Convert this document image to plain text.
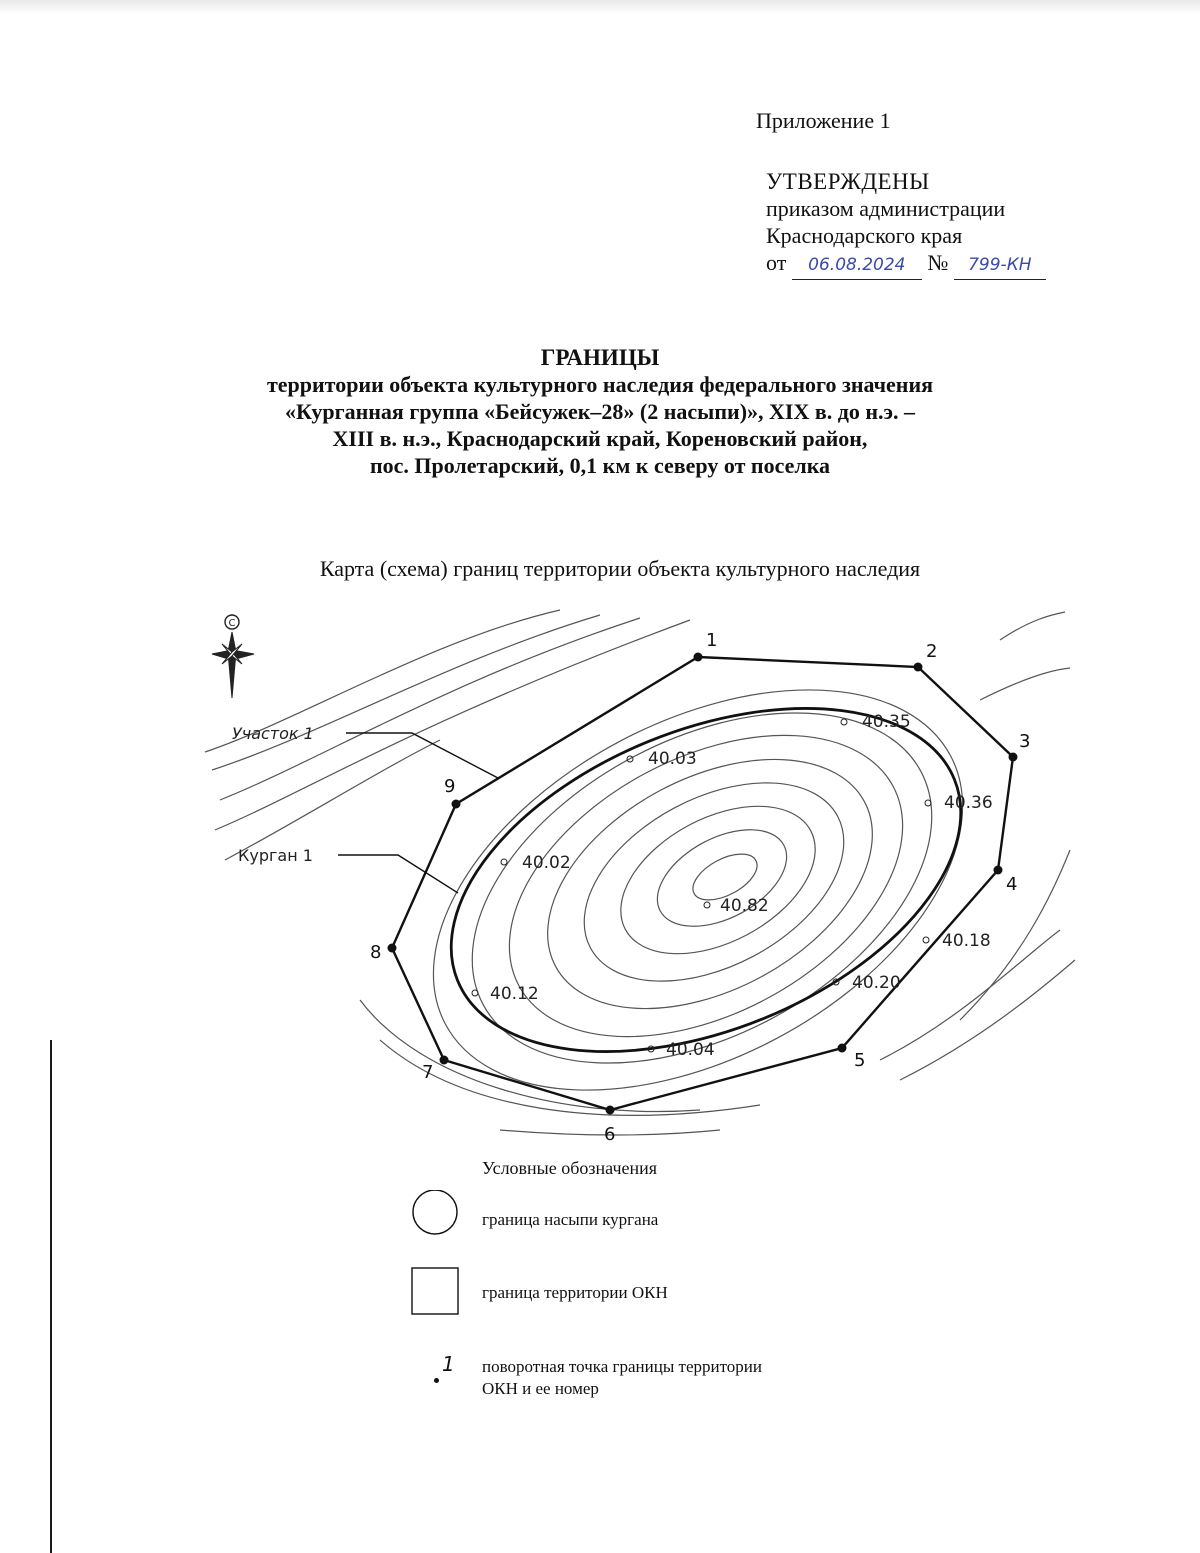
Приложение 1
УТВЕРЖДЕНЫ
приказом администрации
Краснодарского края
от 06.08.2024 № 799-КН
ГРАНИЦЫ
территории объекта культурного наследия федерального значения
«Курганная группа «Бейсужек–28» (2 насыпи)», XIX в. до н.э. –
XIII в. н.э., Краснодарский край, Кореновский район,
пос. Пролетарский, 0,1 км к северу от поселка
Карта (схема) границ территории объекта культурного наследия
С
1
2
3
4
5
6
7
8
9
40.35
40.03
40.36
40.02
40.82
40.18
40.20
40.12
40.04
Участок 1
Курган 1
Условные обозначения
граница насыпи кургана
граница территории ОКН
1 поворотная точка границы территории
ОКН и ее номер
